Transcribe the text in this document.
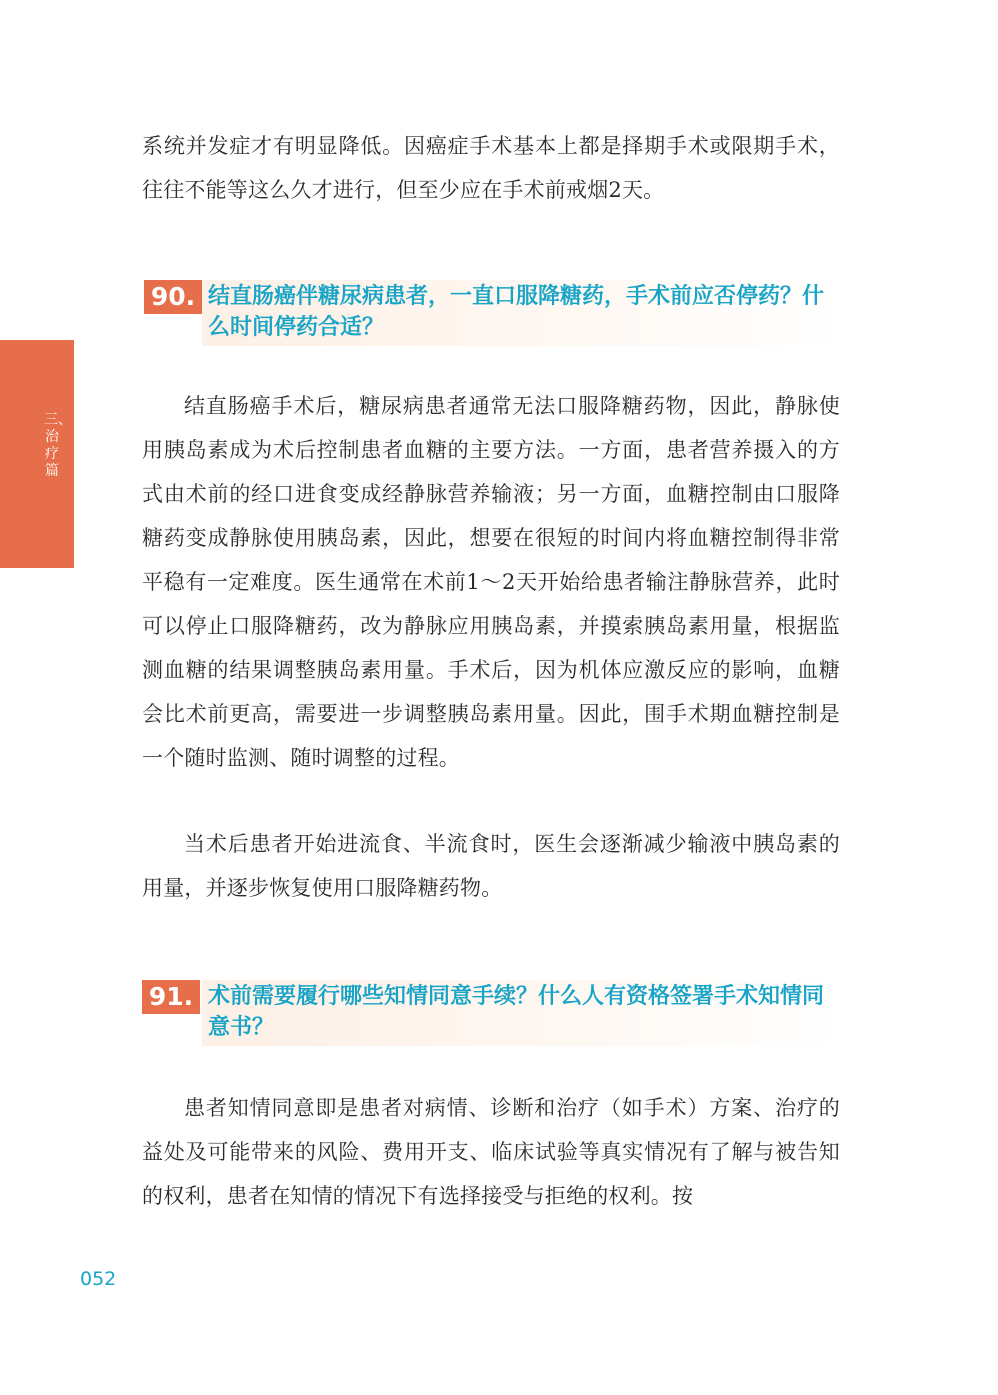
三、治疗篇

系统并发症才有明显降低。因癌症手术基本上都是择期手术或限期手术，往往不能等这么久才进行，但至少应在手术前戒烟2天。

90. 结直肠癌伴糖尿病患者，一直口服降糖药，手术前应否停药？什么时间停药合适？

结直肠癌手术后，糖尿病患者通常无法口服降糖药物，因此，静脉使用胰岛素成为术后控制患者血糖的主要方法。一方面，患者营养摄入的方式由术前的经口进食变成经静脉营养输液；另一方面，血糖控制由口服降糖药变成静脉使用胰岛素，因此，想要在很短的时间内将血糖控制得非常平稳有一定难度。医生通常在术前1～2天开始给患者输注静脉营养，此时可以停止口服降糖药，改为静脉应用胰岛素，并摸索胰岛素用量，根据监测血糖的结果调整胰岛素用量。手术后，因为机体应激反应的影响，血糖会比术前更高，需要进一步调整胰岛素用量。因此，围手术期血糖控制是一个随时监测、随时调整的过程。

当术后患者开始进流食、半流食时，医生会逐渐减少输液中胰岛素的用量，并逐步恢复使用口服降糖药物。

91. 术前需要履行哪些知情同意手续？什么人有资格签署手术知情同意书？

患者知情同意即是患者对病情、诊断和治疗（如手术）方案、治疗的益处及可能带来的风险、费用开支、临床试验等真实情况有了解与被告知的权利，患者在知情的情况下有选择接受与拒绝的权利。按

052
